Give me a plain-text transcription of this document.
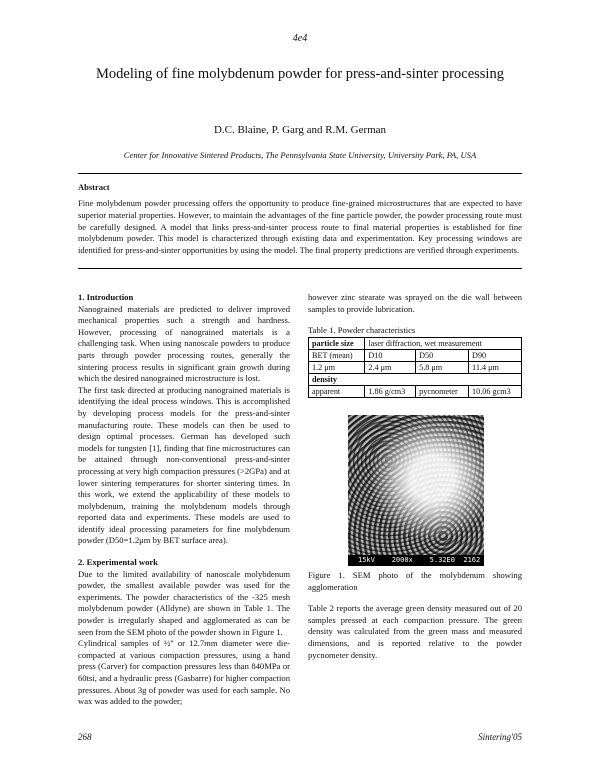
4e4
Modeling of fine molybdenum powder for press-and-sinter processing
D.C. Blaine, P. Garg and R.M. German
Center for Innovative Sintered Products, The Pennsylvania State University, University Park, PA, USA
Abstract
Fine molybdenum powder processing offers the opportunity to produce fine-grained microstructures that are expected to have superior material properties. However, to maintain the advantages of the fine particle powder, the powder processing route must be carefully designed. A model that links press-and-sinter process route to final material properties is established for fine molybdenum powder. This model is characterized through existing data and experimentation. Key processing windows are identified for press-and-sinter opportunities by using the model. The final property predictions are verified through experiments.
1. Introduction

Nanograined materials are predicted to deliver improved mechanical properties such a strength and hardness. However, processing of nanograined materials is a challenging task. When using nanoscale powders to produce parts through powder processing routes, generally the sintering process results in significant grain growth during which the desired nanograined microstructure is lost.

The first task directed at producing nanograined materials is identifying the ideal process windows. This is accomplished by developing process models for the press-and-sinter manufacturing route. These models can then be used to design optimal processes. German has developed such models for tungsten [1], finding that fine microstructures can be attained through non-conventional press-and-sinter processing at very high compaction pressures (>2GPa) and at lower sintering temperatures for shorter sintering times. In this work, we extend the applicability of these models to molybdenum, training the molybdenum models through reported data and experiments. These models are used to identify ideal processing parameters for fine molybdenum powder (D50=1.2μm by BET surface area).

2. Experimental work

Due to the limited availability of nanoscale molybdenum powder, the smallest available powder was used for the experiments. The powder characteristics of the -325 mesh molybdenum powder (Alldyne) are shown in Table 1. The powder is irregularly shaped and agglomerated as can be seen from the SEM photo of the powder shown in Figure 1.

Cylindrical samples of ½" or 12.7mm diameter were die-compacted at various compaction pressures, using a hand press (Carver) for compaction pressures less than 840MPa or 60tsi, and a hydraulic press (Gasbarre) for higher compaction pressures. About 3g of powder was used for each sample. No wax was added to the powder;

however zinc stearate was sprayed on the die wall between samples to provide lubrication.

Table 1. Powder characteristics
particle size	laser diffraction, wet measurement		
BET (mean)	D10	D50	D90
1.2 μm	2.4 μm	5.8 μm	11.4 μm
density			
apparent	1.86 g/cm3	pycnometer	10.06 gcm3
15kV    2000x    5.32E0  2162
Figure 1. SEM photo of the molybdenum showing agglomeration

Table 2 reports the average green density measured out of 20 samples pressed at each compaction pressure. The green density was calculated from the green mass and measured dimensions, and is reported relative to the powder pycnometer density.

268	Sintering'05
